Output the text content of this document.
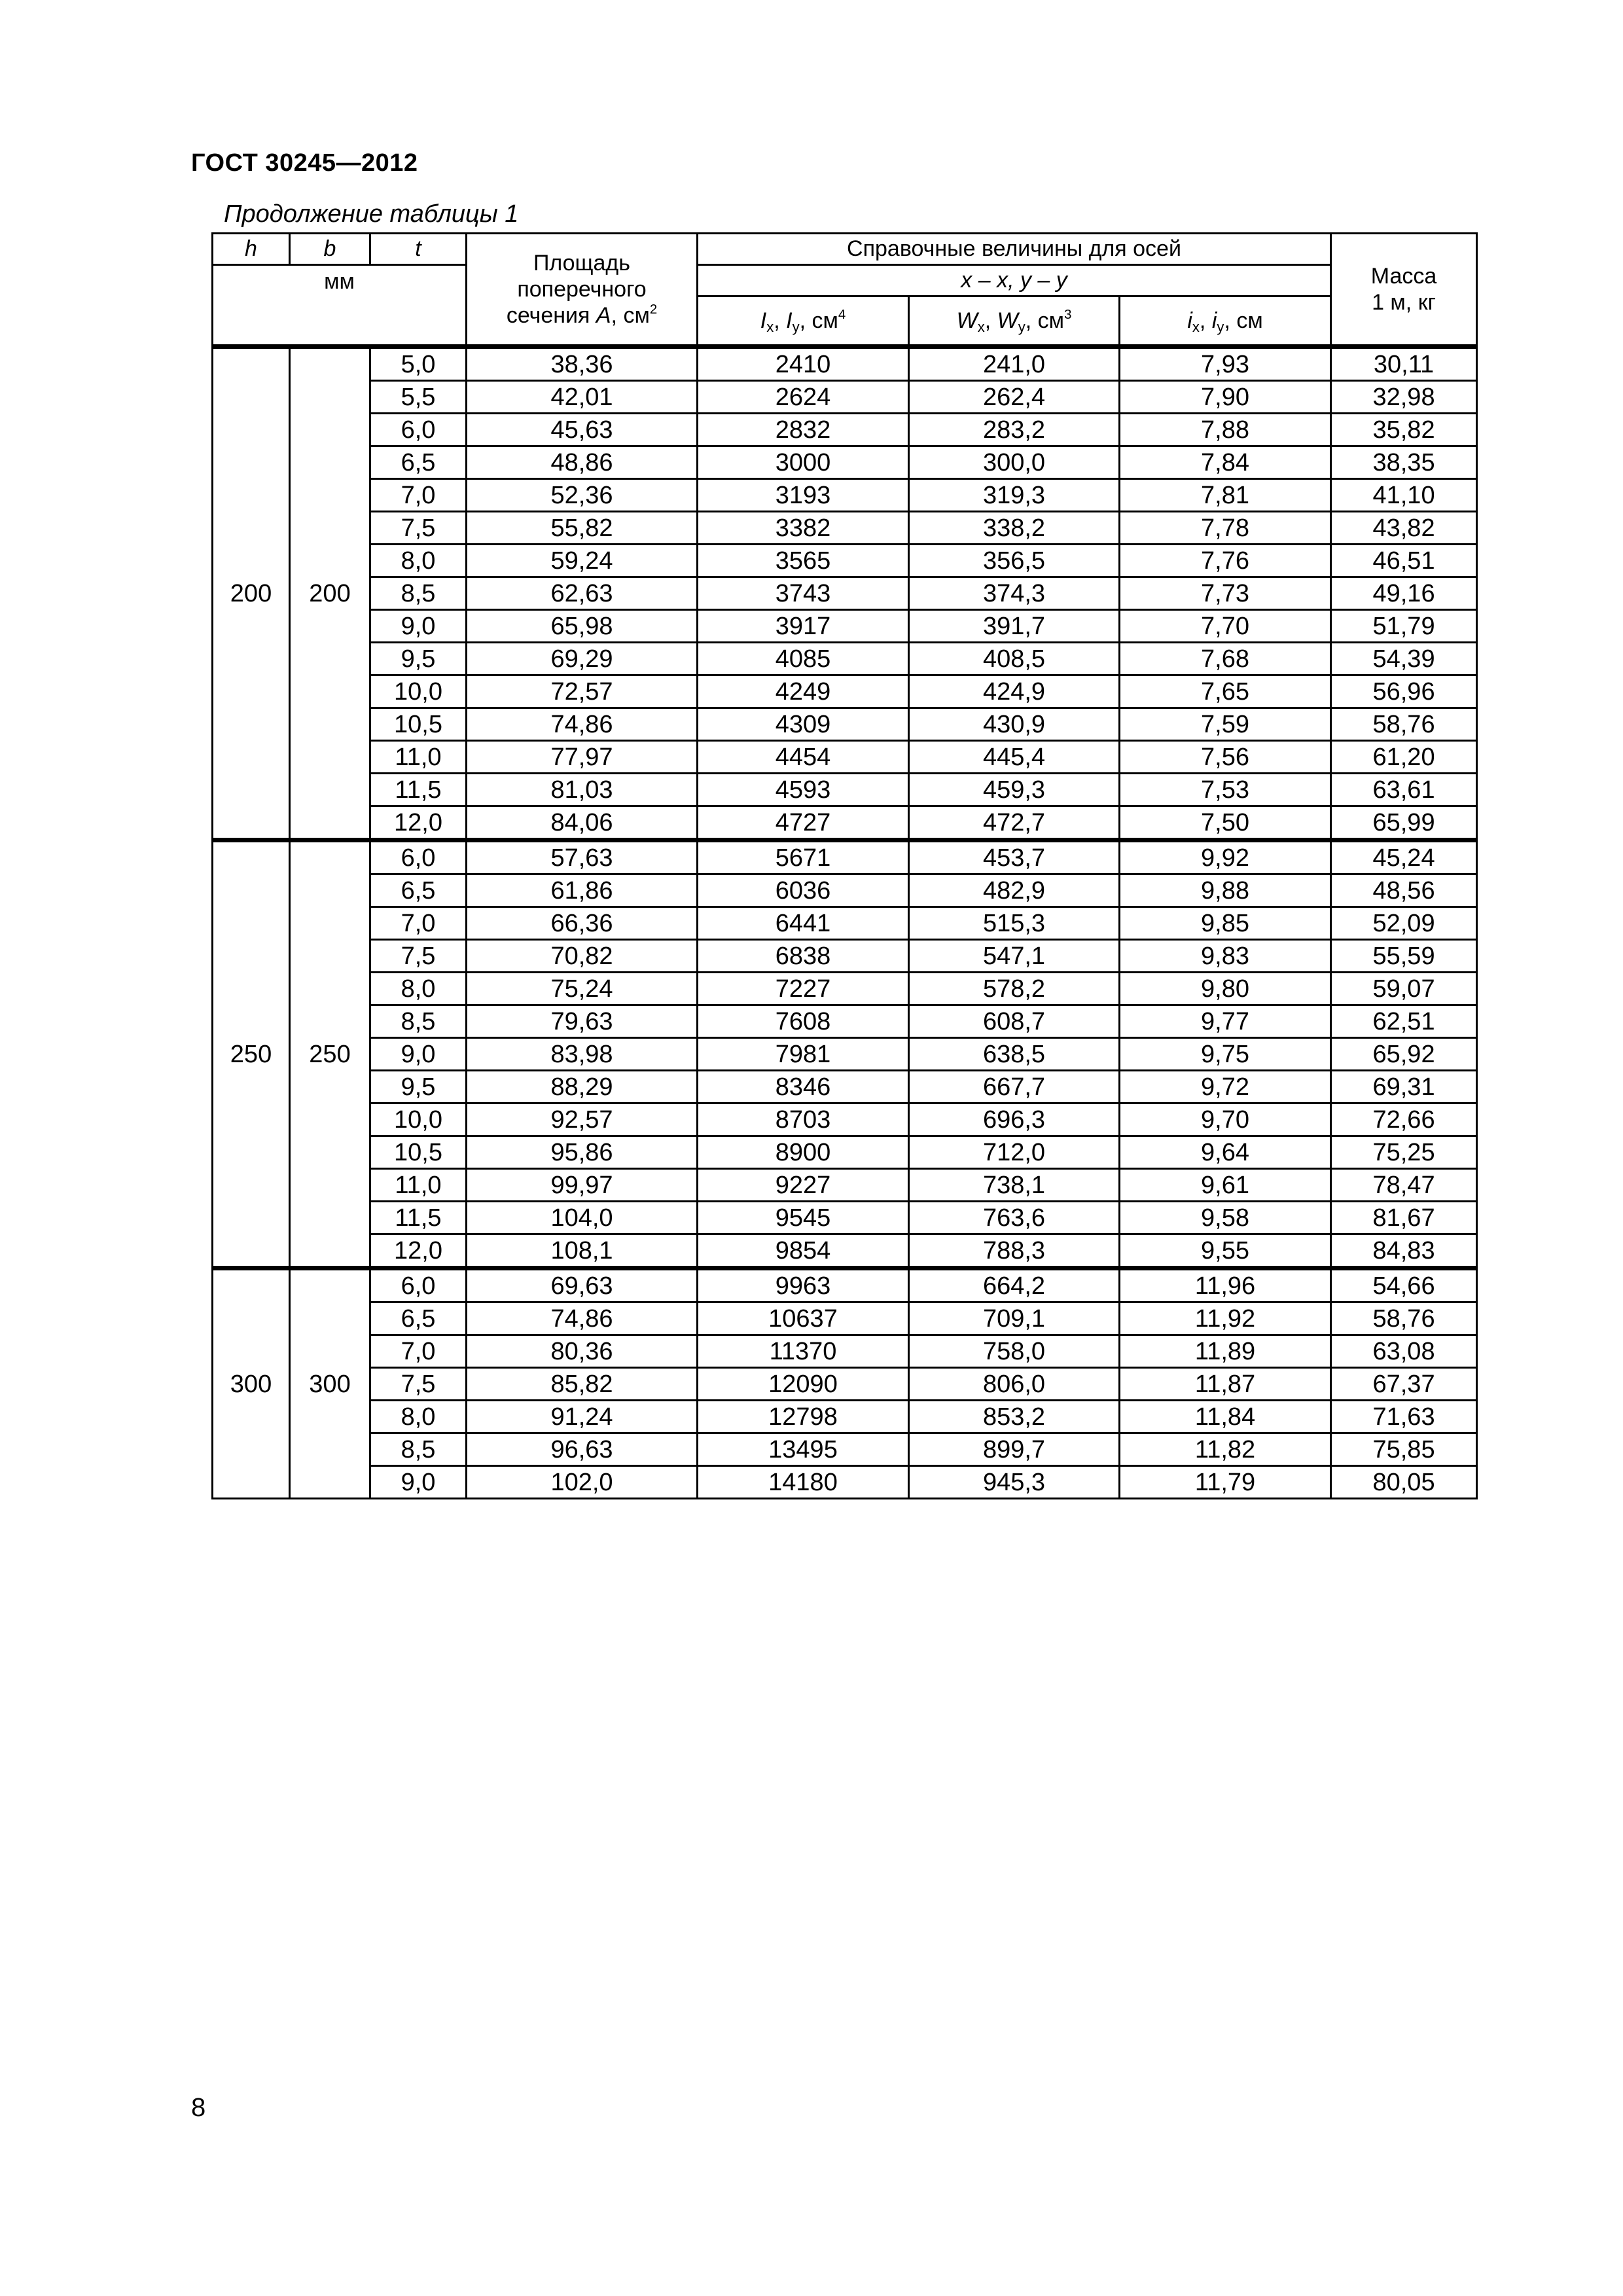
ГОСТ 30245—2012
Продолжение таблицы 1
h	b	t	Площадь
поперечного
сечения A, $см^2$	Справочные величины для осей			Масса
1 м, кг
мм				x – x, y – y			
				$I_x$, $I_y$, $см^4$	$W_x$, $W_y$, $см^3$	$i_x$, $i_y$, см	
200	200	5,0	38,36	2410	241,0	7,93	30,11
		5,5	42,01	2624	262,4	7,90	32,98
		6,0	45,63	2832	283,2	7,88	35,82
		6,5	48,86	3000	300,0	7,84	38,35
		7,0	52,36	3193	319,3	7,81	41,10
		7,5	55,82	3382	338,2	7,78	43,82
		8,0	59,24	3565	356,5	7,76	46,51
		8,5	62,63	3743	374,3	7,73	49,16
		9,0	65,98	3917	391,7	7,70	51,79
		9,5	69,29	4085	408,5	7,68	54,39
		10,0	72,57	4249	424,9	7,65	56,96
		10,5	74,86	4309	430,9	7,59	58,76
		11,0	77,97	4454	445,4	7,56	61,20
		11,5	81,03	4593	459,3	7,53	63,61
		12,0	84,06	4727	472,7	7,50	65,99
250	250	6,0	57,63	5671	453,7	9,92	45,24
		6,5	61,86	6036	482,9	9,88	48,56
		7,0	66,36	6441	515,3	9,85	52,09
		7,5	70,82	6838	547,1	9,83	55,59
		8,0	75,24	7227	578,2	9,80	59,07
		8,5	79,63	7608	608,7	9,77	62,51
		9,0	83,98	7981	638,5	9,75	65,92
		9,5	88,29	8346	667,7	9,72	69,31
		10,0	92,57	8703	696,3	9,70	72,66
		10,5	95,86	8900	712,0	9,64	75,25
		11,0	99,97	9227	738,1	9,61	78,47
		11,5	104,0	9545	763,6	9,58	81,67
		12,0	108,1	9854	788,3	9,55	84,83
300	300	6,0	69,63	9963	664,2	11,96	54,66
		6,5	74,86	10637	709,1	11,92	58,76
		7,0	80,36	11370	758,0	11,89	63,08
		7,5	85,82	12090	806,0	11,87	67,37
		8,0	91,24	12798	853,2	11,84	71,63
		8,5	96,63	13495	899,7	11,82	75,85
		9,0	102,0	14180	945,3	11,79	80,05
8
